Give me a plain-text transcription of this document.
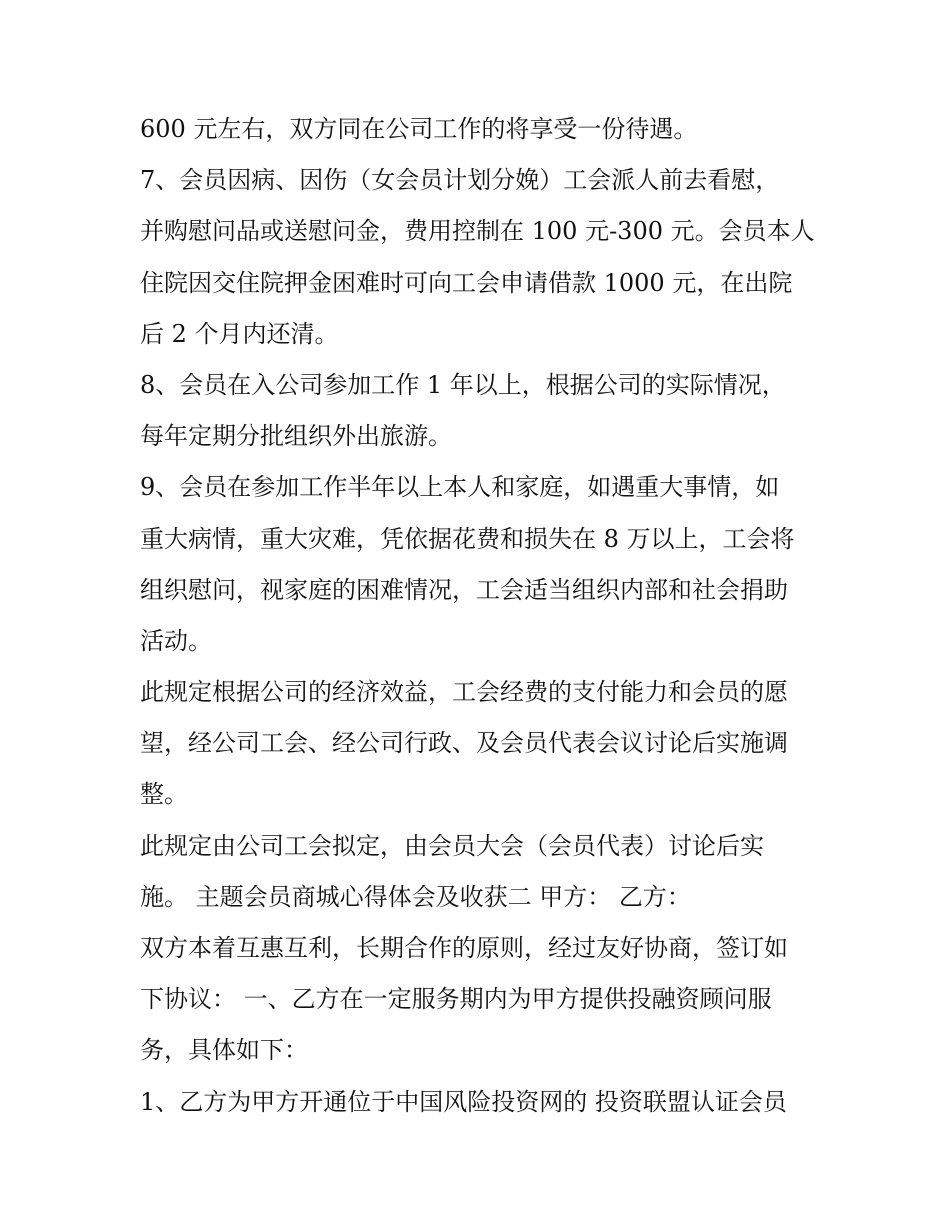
600 元左右，双方同在公司工作的将享受一份待遇。
7、会员因病、因伤（女会员计划分娩）工会派人前去看慰，
并购慰问品或送慰问金，费用控制在 100 元-300 元。会员本人
住院因交住院押金困难时可向工会申请借款 1000 元，在出院
后 2 个月内还清。
8、会员在入公司参加工作 1 年以上，根据公司的实际情况，
每年定期分批组织外出旅游。
9、会员在参加工作半年以上本人和家庭，如遇重大事情，如
重大病情，重大灾难，凭依据花费和损失在 8 万以上，工会将
组织慰问，视家庭的困难情况，工会适当组织内部和社会捐助
活动。
此规定根据公司的经济效益，工会经费的支付能力和会员的愿
望，经公司工会、经公司行政、及会员代表会议讨论后实施调
整。
此规定由公司工会拟定，由会员大会（会员代表）讨论后实
施。 主题会员商城心得体会及收获二 甲方： 乙方：
双方本着互惠互利，长期合作的原则，经过友好协商，签订如
下协议： 一、乙方在一定服务期内为甲方提供投融资顾问服
务，具体如下：
1、乙方为甲方开通位于中国风险投资网的 投资联盟认证会员
